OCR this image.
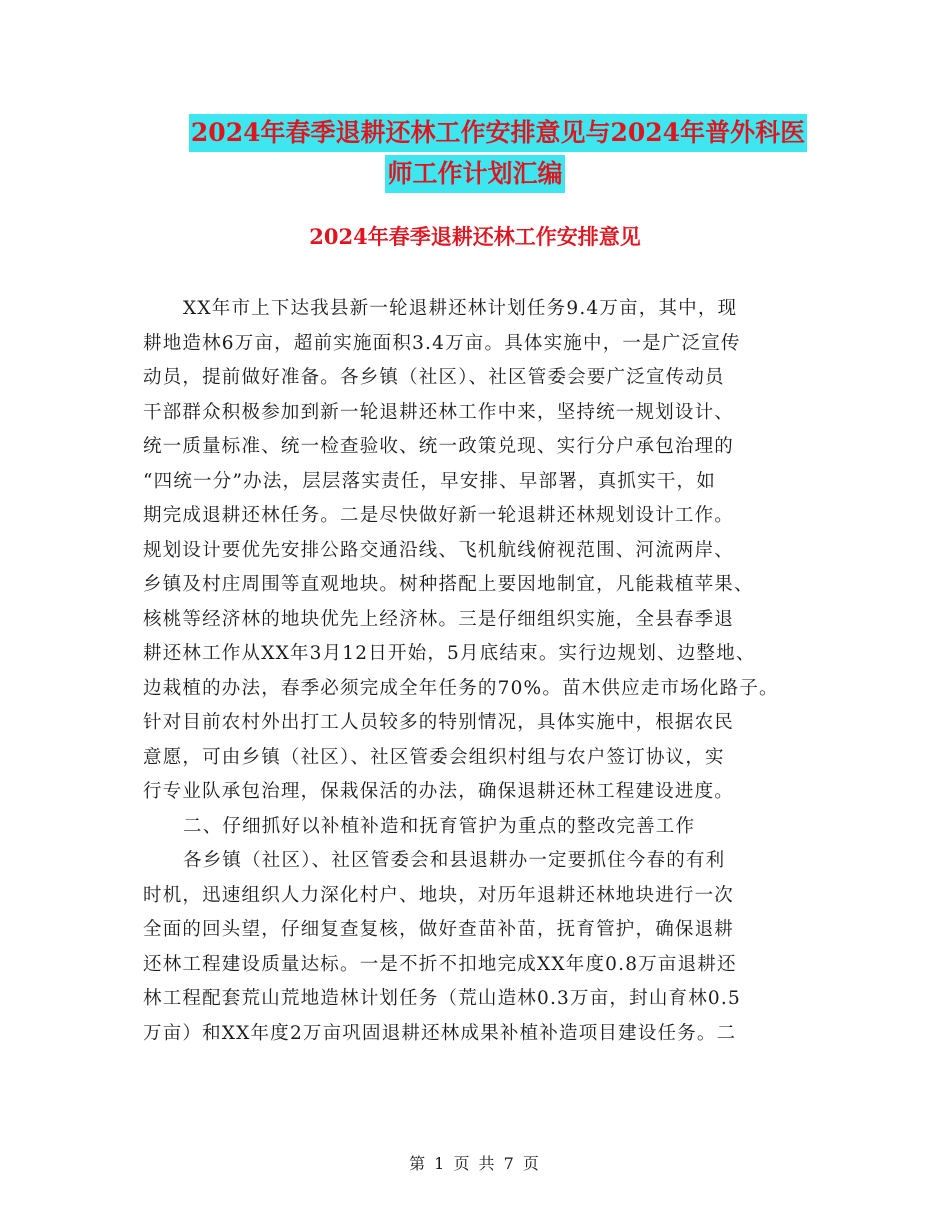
2024年春季退耕还林工作安排意见与2024年普外科医
师工作计划汇编
2024年春季退耕还林工作安排意见
XX年市上下达我县新一轮退耕还林计划任务9.4万亩，其中，现
耕地造林6万亩，超前实施面积3.4万亩。具体实施中，一是广泛宣传
动员，提前做好准备。各乡镇（社区）、社区管委会要广泛宣传动员
干部群众积极参加到新一轮退耕还林工作中来，坚持统一规划设计、
统一质量标准、统一检查验收、统一政策兑现、实行分户承包治理的
“四统一分”办法，层层落实责任，早安排、早部署，真抓实干，如
期完成退耕还林任务。二是尽快做好新一轮退耕还林规划设计工作。
规划设计要优先安排公路交通沿线、飞机航线俯视范围、河流两岸、
乡镇及村庄周围等直观地块。树种搭配上要因地制宜，凡能栽植苹果、
核桃等经济林的地块优先上经济林。三是仔细组织实施，全县春季退
耕还林工作从XX年3月12日开始，5月底结束。实行边规划、边整地、
边栽植的办法，春季必须完成全年任务的70%。苗木供应走市场化路子。
针对目前农村外出打工人员较多的特别情况，具体实施中，根据农民
意愿，可由乡镇（社区）、社区管委会组织村组与农户签订协议，实
行专业队承包治理，保栽保活的办法，确保退耕还林工程建设进度。
二、仔细抓好以补植补造和抚育管护为重点的整改完善工作
各乡镇（社区）、社区管委会和县退耕办一定要抓住今春的有利
时机，迅速组织人力深化村户、地块，对历年退耕还林地块进行一次
全面的回头望，仔细复查复核，做好查苗补苗，抚育管护，确保退耕
还林工程建设质量达标。一是不折不扣地完成XX年度0.8万亩退耕还
林工程配套荒山荒地造林计划任务（荒山造林0.3万亩，封山育林0.5
万亩）和XX年度2万亩巩固退耕还林成果补植补造项目建设任务。二
第 1 页 共 7 页
